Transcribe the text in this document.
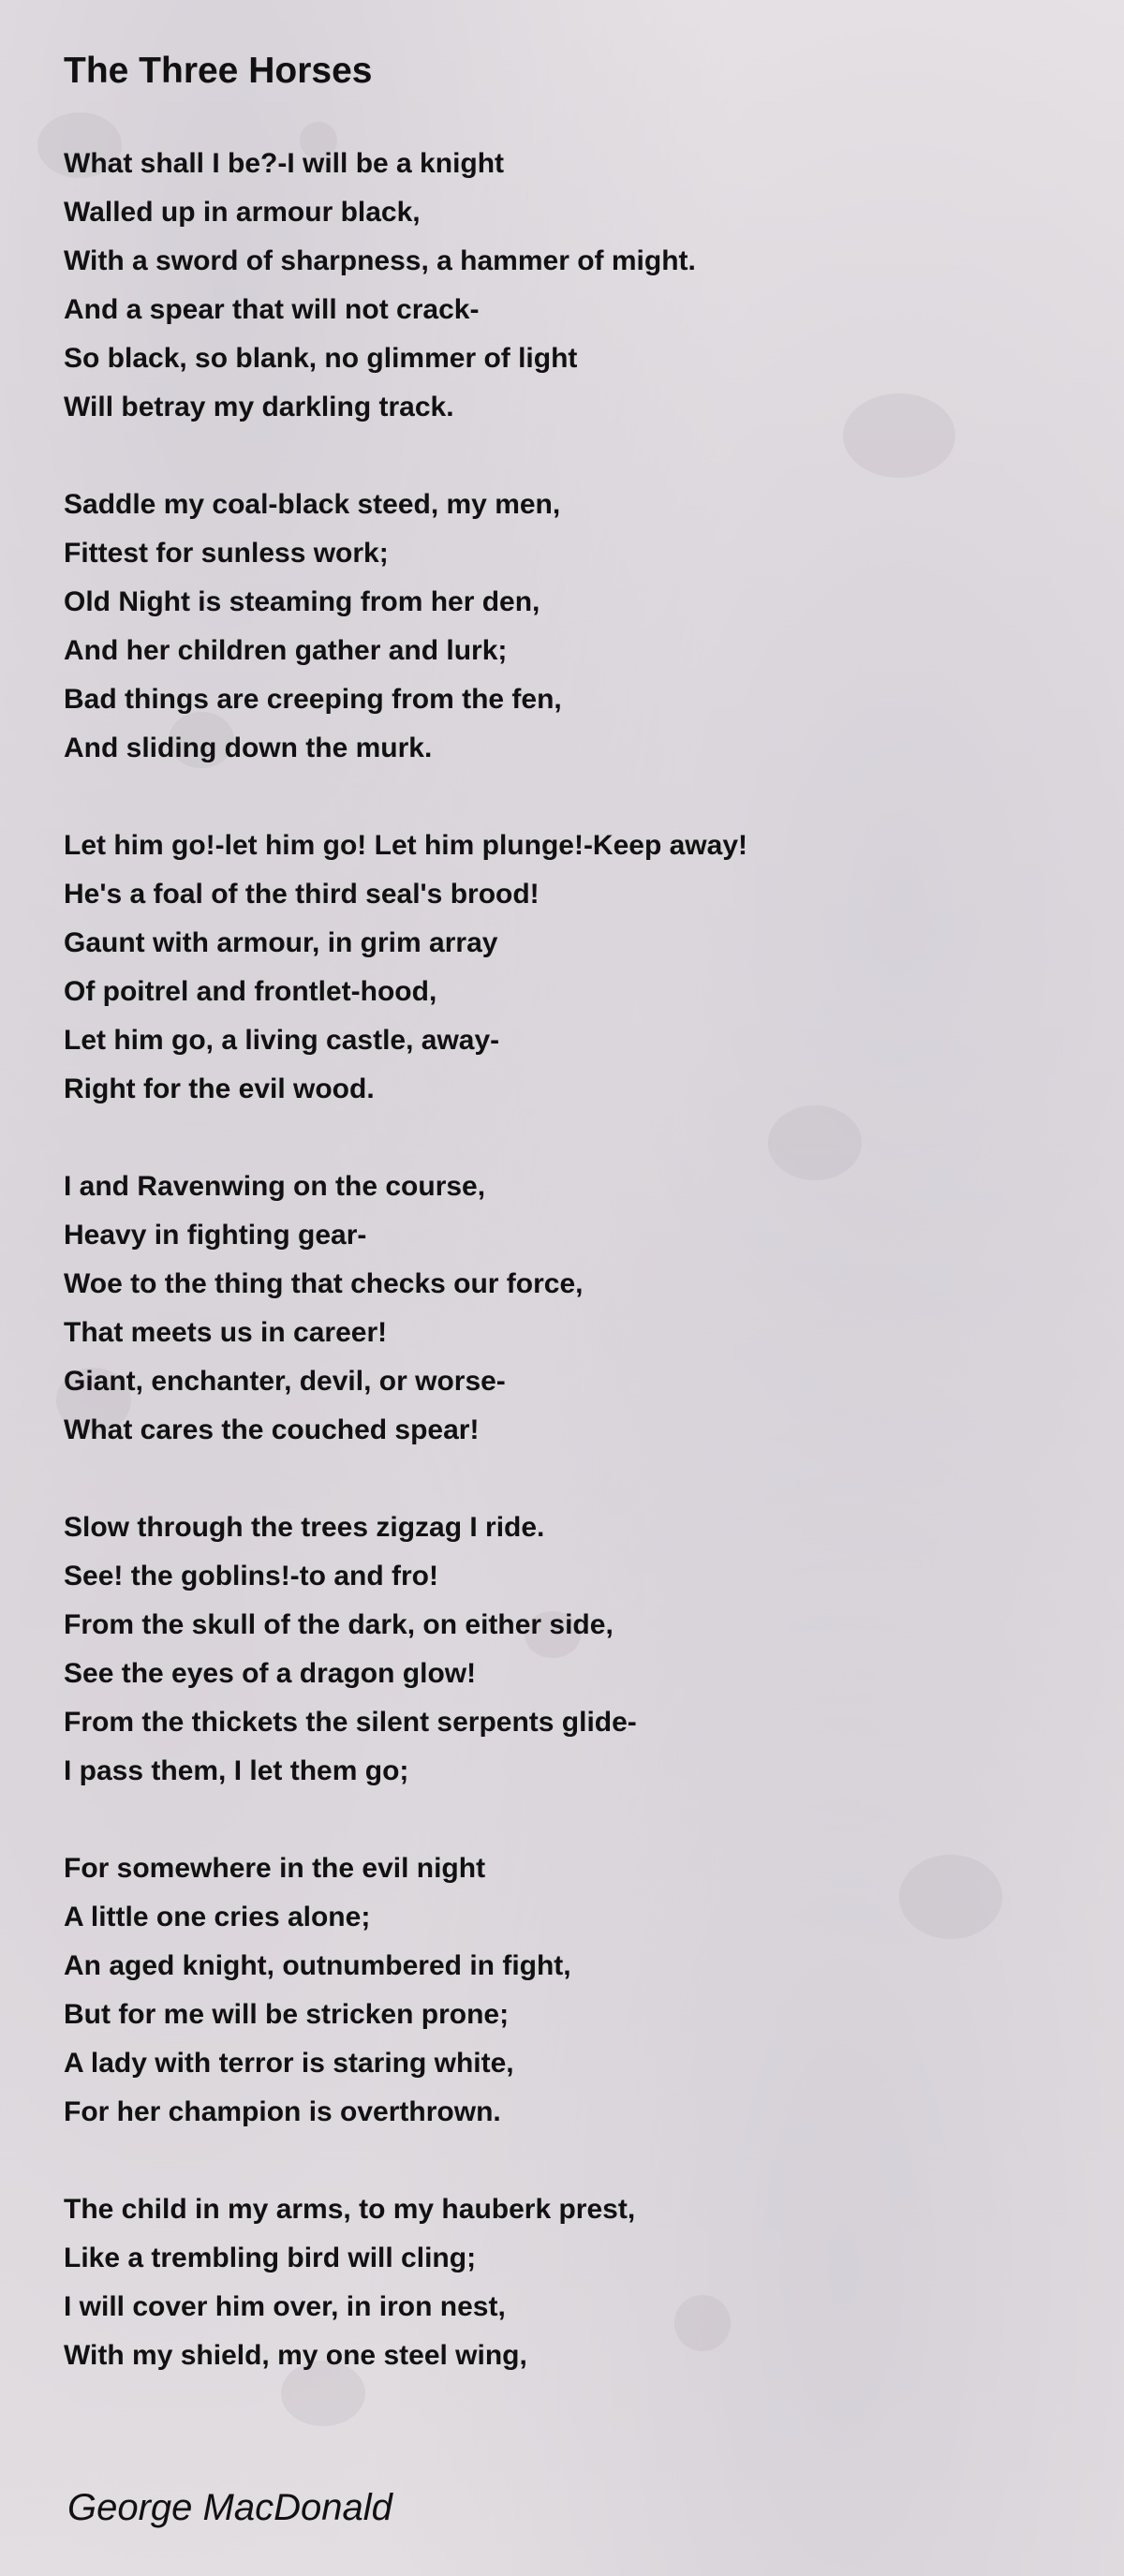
The Three Horses
What shall I be?-I will be a knight
Walled up in armour black,
With a sword of sharpness, a hammer of might.
And a spear that will not crack-
So black, so blank, no glimmer of light
Will betray my darkling track.
Saddle my coal-black steed, my men,
Fittest for sunless work;
Old Night is steaming from her den,
And her children gather and lurk;
Bad things are creeping from the fen,
And sliding down the murk.
Let him go!-let him go! Let him plunge!-Keep away!
He's a foal of the third seal's brood!
Gaunt with armour, in grim array
Of poitrel and frontlet-hood,
Let him go, a living castle, away-
Right for the evil wood.
I and Ravenwing on the course,
Heavy in fighting gear-
Woe to the thing that checks our force,
That meets us in career!
Giant, enchanter, devil, or worse-
What cares the couched spear!
Slow through the trees zigzag I ride.
See! the goblins!-to and fro!
From the skull of the dark, on either side,
See the eyes of a dragon glow!
From the thickets the silent serpents glide-
I pass them, I let them go;
For somewhere in the evil night
A little one cries alone;
An aged knight, outnumbered in fight,
But for me will be stricken prone;
A lady with terror is staring white,
For her champion is overthrown.
The child in my arms, to my hauberk prest,
Like a trembling bird will cling;
I will cover him over, in iron nest,
With my shield, my one steel wing,
George MacDonald
